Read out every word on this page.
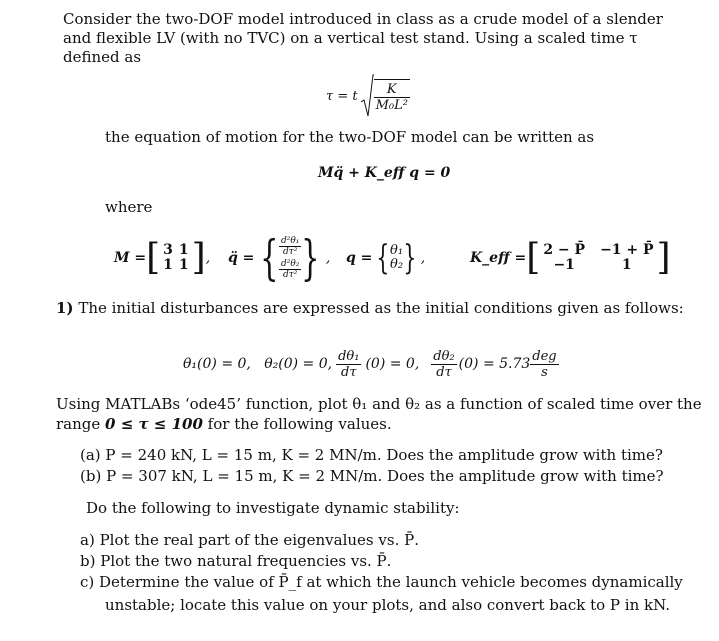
Consider the two-DOF model introduced in class as a crude model of a slender
and flexible LV (with no TVC) on a vertical test stand. Using a scaled time τ
defined as
τ = t $\frac{K}{\text{M₀L²}}$
the equation of motion for the two-DOF model can be written as
Mq̈ + K_eff q = 0
where
M = [ 3	1
1	1 ] , q̈ = { $\frac{\text{d²θ₁}}{\text{dτ²}}$
$\frac{\text{d²θ₂}}{\text{dτ²}}$ } , q = { θ₁
θ₂ } ,	K_eff = [ 2 − P̄	−1 + P̄
−1	1 ]
1) The initial disturbances are expressed as the initial conditions given as follows:
θ₁(0) = 0,   θ₂(0) = 0, $\frac{\text{dθ₁}}{d\tau} (0) = 0$, $\frac{\text{dθ₂}}{d\tau} (0) = 5.73 \frac{\text{deg}}{s}$
Using MATLABs ‘ode45’ function, plot θ₁ and θ₂ as a function of scaled time over the
range 0 ≤ τ ≤ 100 for the following values.
(a) P = 240 kN, L = 15 m, K = 2 MN/m. Does the amplitude grow with time?
(b) P = 307 kN, L = 15 m, K = 2 MN/m. Does the amplitude grow with time?
Do the following to investigate dynamic stability:
a) Plot the real part of the eigenvalues vs. P̄.
b) Plot the two natural frequencies vs. P̄.
c) Determine the value of P̄_f at which the launch vehicle becomes dynamically
unstable; locate this value on your plots, and also convert back to P in kN.
